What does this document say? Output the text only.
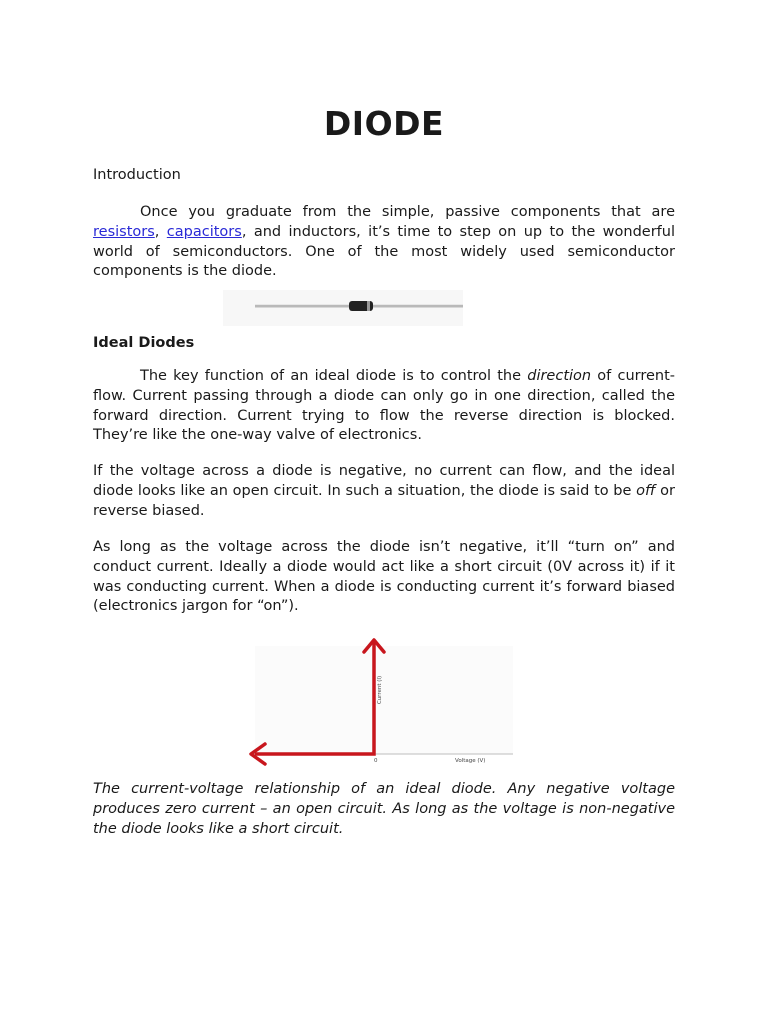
DIODE
Introduction

Once you graduate from the simple, passive components that are resistors, capacitors, and inductors, it’s time to step on up to the wonderful world of semiconductors. One of the most widely used semiconductor components is the diode.

Ideal Diodes

The key function of an ideal diode is to control the direction of current-flow. Current passing through a diode can only go in one direction, called the forward direction. Current trying to flow the reverse direction is blocked. They’re like the one-way valve of electronics.

If the voltage across a diode is negative, no current can flow, and the ideal diode looks like an open circuit. In such a situation, the diode is said to be off or reverse biased.

As long as the voltage across the diode isn’t negative, it’ll “turn on” and conduct current. Ideally a diode would act like a short circuit (0V across it) if it was conducting current. When a diode is conducting current it’s forward biased (electronics jargon for “on”).

Current (I)
Voltage (V)
0

The current-voltage relationship of an ideal diode. Any negative voltage produces zero current – an open circuit. As long as the voltage is non-negative the diode looks like a short circuit.
